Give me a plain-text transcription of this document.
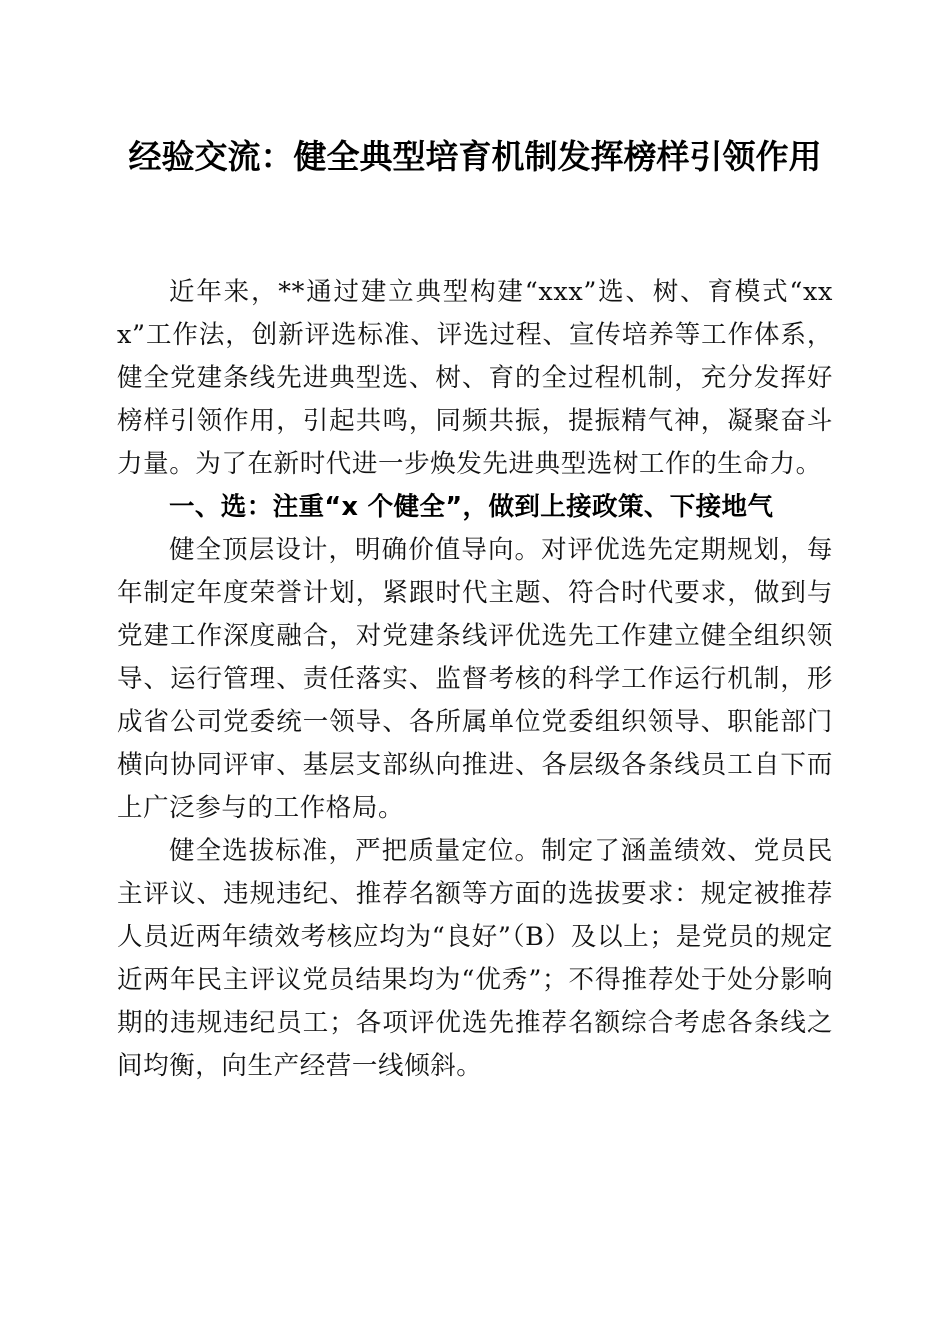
经验交流：健全典型培育机制发挥榜样引领作用

近年来，**通过建立典型构建“xxx”选、树、育模式“xxx”工作法，创新评选标准、评选过程、宣传培养等工作体系，健全党建条线先进典型选、树、育的全过程机制，充分发挥好榜样引领作用，引起共鸣，同频共振，提振精气神，凝聚奋斗力量。为了在新时代进一步焕发先进典型选树工作的生命力。

一、选：注重“x 个健全”，做到上接政策、下接地气

健全顶层设计，明确价值导向。对评优选先定期规划，每年制定年度荣誉计划，紧跟时代主题、符合时代要求，做到与党建工作深度融合，对党建条线评优选先工作建立健全组织领导、运行管理、责任落实、监督考核的科学工作运行机制，形成省公司党委统一领导、各所属单位党委组织领导、职能部门横向协同评审、基层支部纵向推进、各层级各条线员工自下而上广泛参与的工作格局。

健全选拔标准，严把质量定位。制定了涵盖绩效、党员民主评议、违规违纪、推荐名额等方面的选拔要求：规定被推荐人员近两年绩效考核应均为“良好”（B）及以上；是党员的规定近两年民主评议党员结果均为“优秀”；不得推荐处于处分影响期的违规违纪员工；各项评优选先推荐名额综合考虑各条线之间均衡，向生产经营一线倾斜。
